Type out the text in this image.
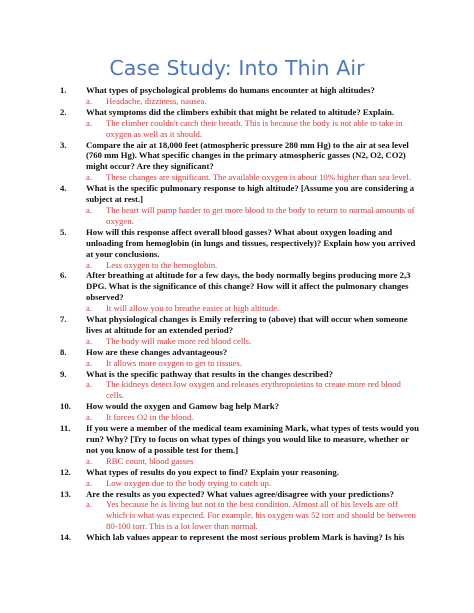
Case Study: Into Thin Air
1.	What types of psychological problems do humans encounter at high altitudes?
a. Headache, dizziness, nausea.
2.	What symptoms did the climbers exhibit that might be related to altitude? Explain.
a. The climber couldn't catch their breath. This is because the body is not able to take in oxygen as well as it should.
3.	Compare the air at 18,000 feet (atmospheric pressure 280 mm Hg) to the air at sea level (760 mm Hg). What specific changes in the primary atmospheric gasses (N2, O2, CO2) might occur? Are they significant?
a. These changes are significant. The available oxygen is about 10% higher than sea level.
4.	What is the specific pulmonary response to high altitude? [Assume you are considering a subject at rest.]
a. The heart will pump harder to get more blood to the body to return to normal amounts of oxygen.
5.	How will this response affect overall blood gasses? What about oxygen loading and unloading from hemoglobin (in lungs and tissues, respectively)? Explain how you arrived at your conclusions.
a. Less oxygen to the hemoglobin.
6.	After breathing at altitude for a few days, the body normally begins producing more 2,3 DPG. What is the significance of this change? How will it affect the pulmonary changes observed?
a. It will allow you to breathe easier at high altitude.
7.	What physiological changes is Emily referring to (above) that will occur when someone lives at altitude for an extended period?
a. The body will make more red blood cells.
8.	How are these changes advantageous?
a. It allows more oxygen to get to tissues.
9.	What is the specific pathway that results in the changes described?
a. The kidneys detect low oxygen and releases erythropoietins to create more red blood cells.
10.	How would the oxygen and Gamow bag help Mark?
a. It forces O2 in the blood.
11.	If you were a member of the medical team examining Mark, what types of tests would you run? Why? [Try to focus on what types of things you would like to measure, whether or not you know of a possible test for them.]
a. RBC count, blood gasses
12.	What types of results do you expect to find? Explain your reasoning.
a. Low oxygen due to the body trying to catch up.
13.	Are the results as you expected? What values agree/disagree with your predictions?
a. Yes because he is living but not in the best condition. Almost all of his levels are off which is what was expected. For example, his oxygen was 52 torr and should be between 80-100 torr. This is a lot lower than normal.
14.	Which lab values appear to represent the most serious problem Mark is having? Is his
